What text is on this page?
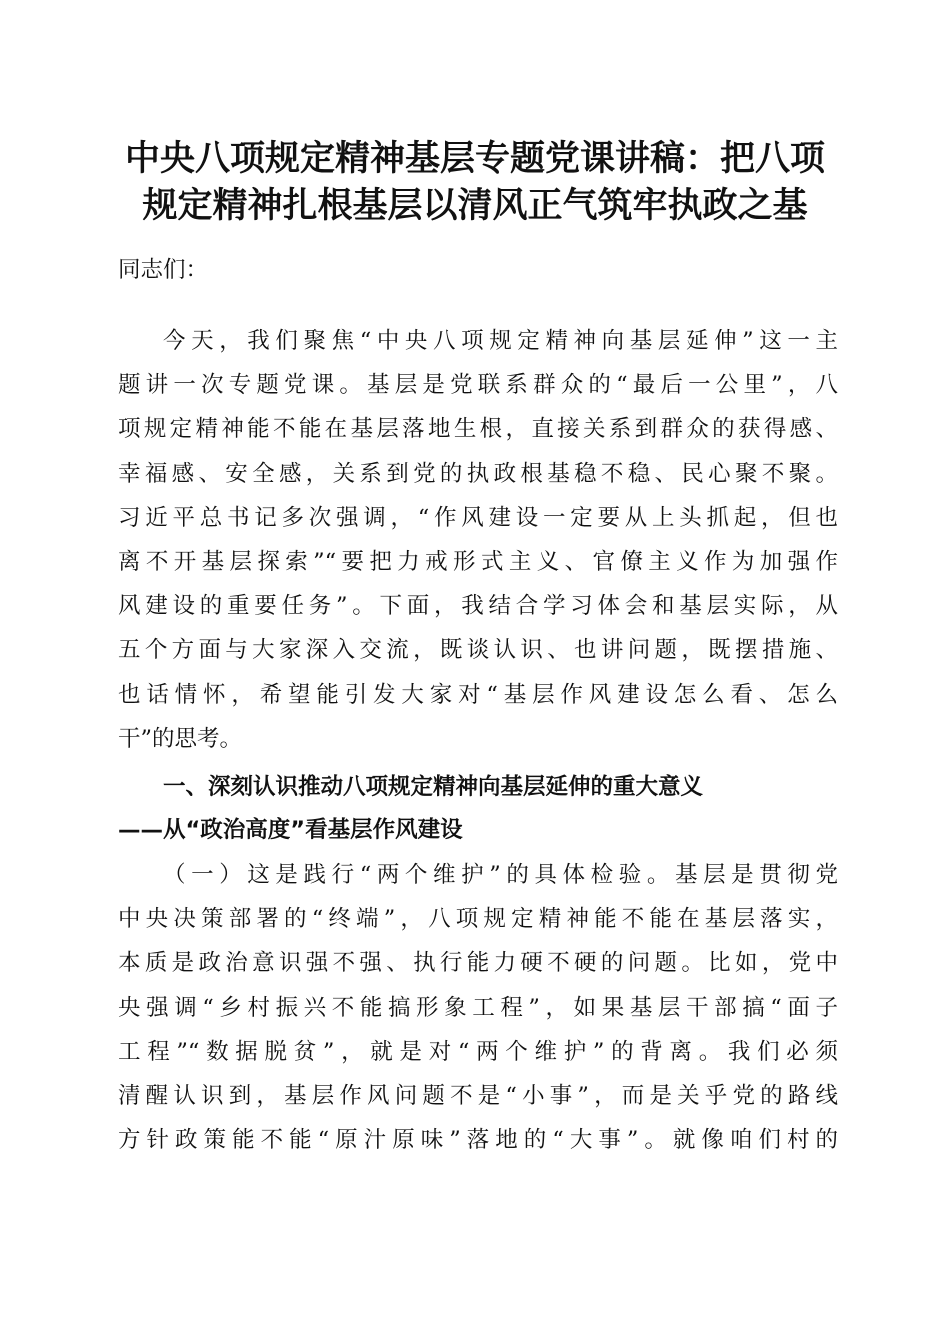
中央八项规定精神基层专题党课讲稿：把八项
规定精神扎根基层以清风正气筑牢执政之基

同志们：

今天，我们聚焦“中央八项规定精神向基层延伸”这一主
题讲一次专题党课。基层是党联系群众的“最后一公里”，八
项规定精神能不能在基层落地生根，直接关系到群众的获得感、
幸福感、安全感，关系到党的执政根基稳不稳、民心聚不聚。
习近平总书记多次强调，“作风建设一定要从上头抓起，但也
离不开基层探索”“要把力戒形式主义、官僚主义作为加强作
风建设的重要任务”。下面，我结合学习体会和基层实际，从
五个方面与大家深入交流，既谈认识、也讲问题，既摆措施、
也话情怀，希望能引发大家对“基层作风建设怎么看、怎么
干”的思考。
一、深刻认识推动八项规定精神向基层延伸的重大意义
——从“政治高度”看基层作风建设
（一）这是践行“两个维护”的具体检验。基层是贯彻党
中央决策部署的“终端”，八项规定精神能不能在基层落实，
本质是政治意识强不强、执行能力硬不硬的问题。比如，党中
央强调“乡村振兴不能搞形象工程”，如果基层干部搞“面子
工程”“数据脱贫”，就是对“两个维护”的背离。我们必须
清醒认识到，基层作风问题不是“小事”，而是关乎党的路线
方针政策能不能“原汁原味”落地的“大事”。就像咱们村的
